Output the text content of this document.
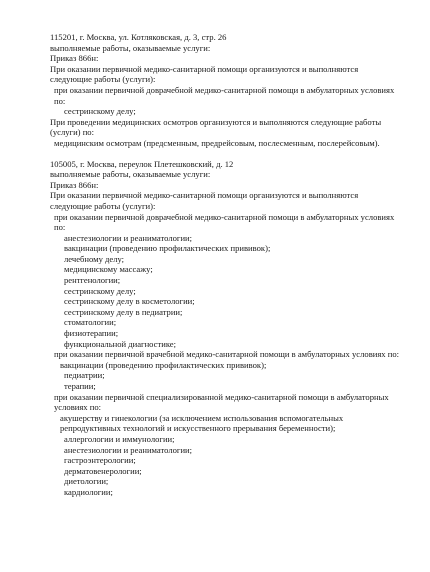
115201, г. Москва, ул. Котляковская, д. 3, стр. 26
выполняемые работы, оказываемые услуги:
Приказ 866н:
При оказании первичной медико-санитарной помощи организуются и выполняются следующие работы (услуги):
при оказании первичной доврачебной медико-санитарной помощи в амбулаторных условиях по:
сестринскому делу;
При проведении медицинских осмотров организуются и выполняются следующие работы (услуги) по:
медицинским осмотрам (предсменным, предрейсовым, послесменным, послерейсовым).
105005, г. Москва, переулок Плетешковский, д. 12
выполняемые работы, оказываемые услуги:
Приказ 866н:
При оказании первичной медико-санитарной помощи организуются и выполняются следующие работы (услуги):
при оказании первичной доврачебной медико-санитарной помощи в амбулаторных условиях по:
анестезиологии и реаниматологии;
вакцинации (проведению профилактических прививок);
лечебному делу;
медицинскому массажу;
рентгенологии;
сестринскому делу;
сестринскому делу в косметологии;
сестринскому делу в педиатрии;
стоматологии;
физиотерапии;
функциональной диагностике;
при оказании первичной врачебной медико-санитарной помощи в амбулаторных условиях по:
вакцинации (проведению профилактических прививок);
педиатрии;
терапии;
при оказании первичной специализированной медико-санитарной помощи в амбулаторных условиях по:
акушерству и гинекологии (за исключением использования вспомогательных репродуктивных технологий и искусственного прерывания беременности);
аллергологии и иммунологии;
анестезиологии и реаниматологии;
гастроэнтерологии;
дерматовенерологии;
диетологии;
кардиологии;
